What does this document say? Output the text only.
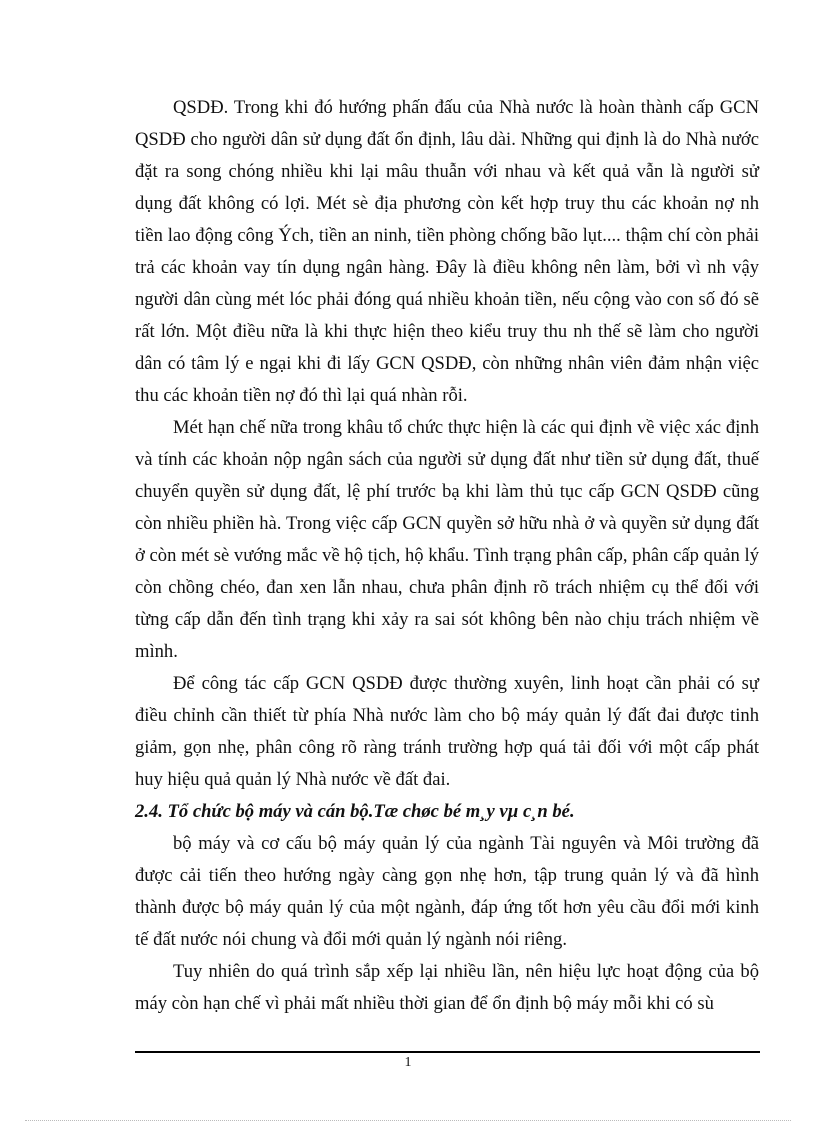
QSDĐ. Trong khi đó hướng phấn đấu của Nhà nước là hoàn thành cấp GCN QSDĐ cho người dân sử dụng đất ổn định, lâu dài. Những qui định là do Nhà nước đặt ra song chóng nhiều khi lại mâu thuẫn với nhau và kết quả vẫn là người sử dụng đất không có lợi. Mét sè địa phương còn kết hợp truy thu các khoản nợ nh tiền lao động công Ých, tiền an ninh, tiền phòng chống bão lụt.... thậm chí còn phải trả các khoản vay tín dụng ngân hàng. Đây là điều không nên làm, bởi vì nh vậy người dân cùng mét lóc phải đóng quá nhiều khoản tiền, nếu cộng vào con số đó sẽ rất lớn. Một điều nữa là khi thực hiện theo kiểu truy thu nh thế sẽ làm cho người dân có tâm lý e ngại khi đi lấy GCN QSDĐ, còn những nhân viên đảm nhận việc thu các khoản tiền nợ đó thì lại quá nhàn rỗi.

Mét hạn chế nữa trong khâu tổ chức thực hiện là các qui định về việc xác định và tính các khoản nộp ngân sách của người sử dụng đất như tiền sử dụng đất, thuế chuyển quyền sử dụng đất, lệ phí trước bạ khi làm thủ tục cấp GCN QSDĐ cũng còn nhiều phiền hà. Trong việc cấp GCN quyền sở hữu nhà ở và quyền sử dụng đất ở còn mét sè vướng mắc về hộ tịch, hộ khẩu. Tình trạng phân cấp, phân cấp quản lý còn chồng chéo, đan xen lẫn nhau, chưa phân định rõ trách nhiệm cụ thể đối với từng cấp dẫn đến tình trạng khi xảy ra sai sót không bên nào chịu trách nhiệm về mình.

Để công tác cấp GCN QSDĐ được thường xuyên, linh hoạt cần phải có sự điều chỉnh cần thiết từ phía Nhà nước làm cho bộ máy quản lý đất đai được tinh giảm, gọn nhẹ, phân công rõ ràng tránh trường hợp quá tải đối với một cấp phát huy hiệu quả quản lý Nhà nước về đất đai.

2.4. Tổ chức bộ máy và cán bộ.Tæ chøc bé m¸y vµ c¸n bé.

bộ máy và cơ cấu bộ máy quản lý của ngành Tài nguyên và Môi trường đã được cải tiến theo hướng ngày càng gọn nhẹ hơn, tập trung quản lý và đã hình thành được bộ máy quản lý của một ngành, đáp ứng tốt hơn yêu cầu đổi mới kinh tế đất nước nói chung và đổi mới quản lý ngành nói riêng.

Tuy nhiên do quá trình sắp xếp lại nhiều lần, nên hiệu lực hoạt động của bộ máy còn hạn chế vì phải mất nhiều thời gian để ổn định bộ máy mỗi khi có sù

1
